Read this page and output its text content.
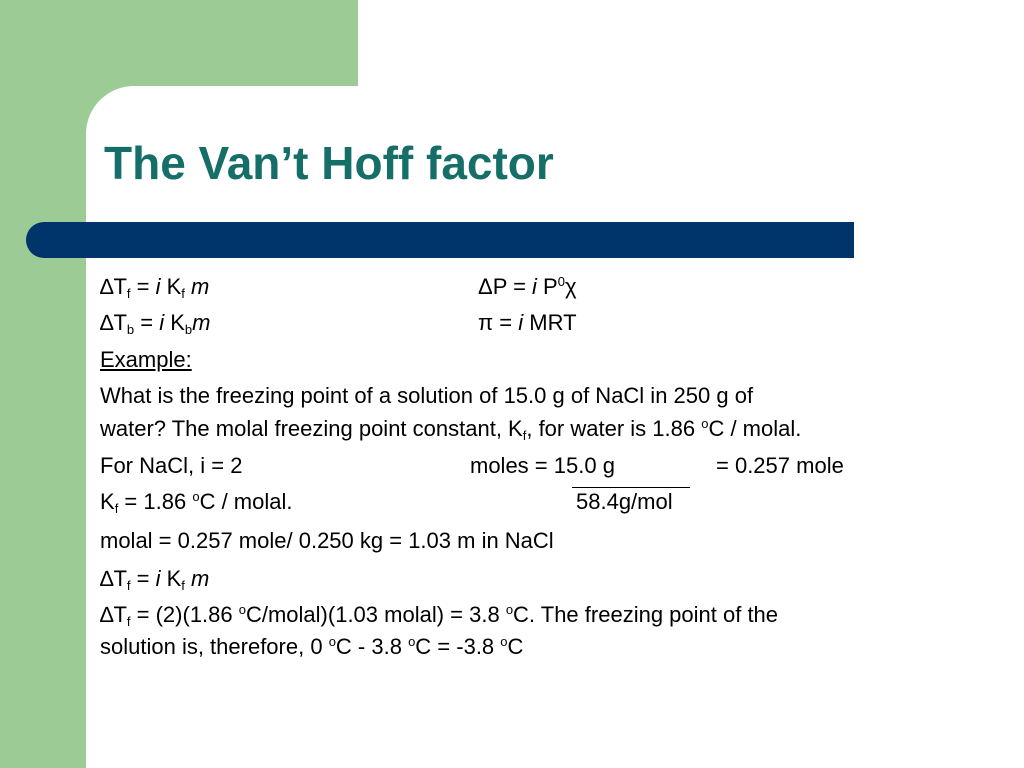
The Van’t Hoff factor
$\Delta T_f = i$ $K_f$ m	ΔP = i $P^0\chi$
$\Delta T_b = i$ $K_bm$	π = i MRT
Example:
What is the freezing point of a solution of 15.0 g of NaCl in 250 g of
water? The molal freezing point constant, $K_f$, for water is 1.86 $^o$C / molal.
For NaCl, i = 2	moles = 15.0 g	= 0.257 mole
$K_f = 1.86$ $^o$C / molal.	58.4g/mol
molal = 0.257 mole/ 0.250 kg = 1.03 m in NaCl
$\Delta T_f = i$ $K_f$ m
$\Delta T_f = (2)(1.86$ $^o$C/molal)(1.03 molal) = 3.8 $^o$C. The freezing point of the
solution is, therefore, 0 $^o$C - 3.8 $^o$C = -3.8 $^o$C
